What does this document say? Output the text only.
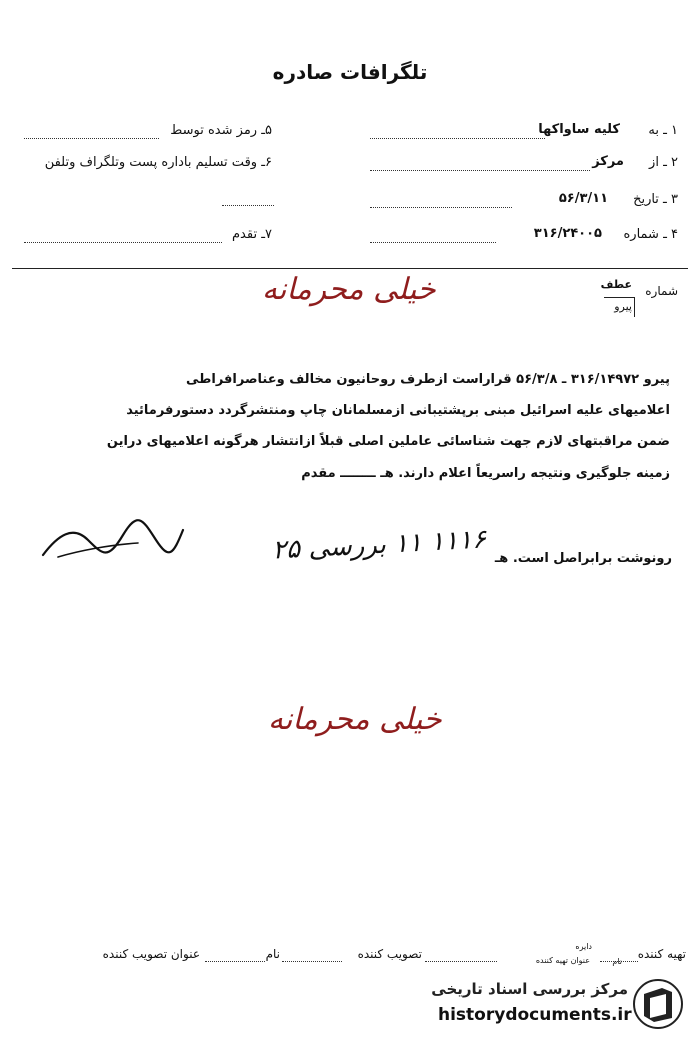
تلگرافات صادره
۱ ـ به
کلیه ساواکها
۲ ـ از
مرکز
۳ ـ تاریخ
۵۶/۳/۱۱
۴ ـ شماره
۳۱۶/۲۴۰۰۵
۵ـ رمز شده توسط
۶ـ وقت تسلیم باداره پست وتلگراف وتلفن
۷ـ تقدم
شماره
عطف
پیرو
خیلی محرمانه
پیرو ۳۱۶/۱۴۹۷۲ ـ ۵۶/۳/۸ قراراست ازطرف روحانیون مخالف وعناصرافراطی
اعلامیهای علیه اسرائیل مبنی برپشتیبانی ازمسلمانان چاپ ومنتشرگردد دستورفرمائید
ضمن مراقبتهای لازم جهت شناسائی عاملین اصلی قبلاً ازانتشار هرگونه اعلامیهای دراین
زمینه جلوگیری ونتیجه راسریعاً اعلام دارند. هـ ــــــــ مقدم
رونوشت برابراصل است. هـ
۱۱۱۶ ۱۱ بررسی ۲۵
خیلی محرمانه
تهیه کننده
نام
دایره
عنوان تهیه کننده
تصویب کننده
نام
عنوان تصویب کننده
مرکز بررسی اسناد تاریخی
historydocuments.ir
